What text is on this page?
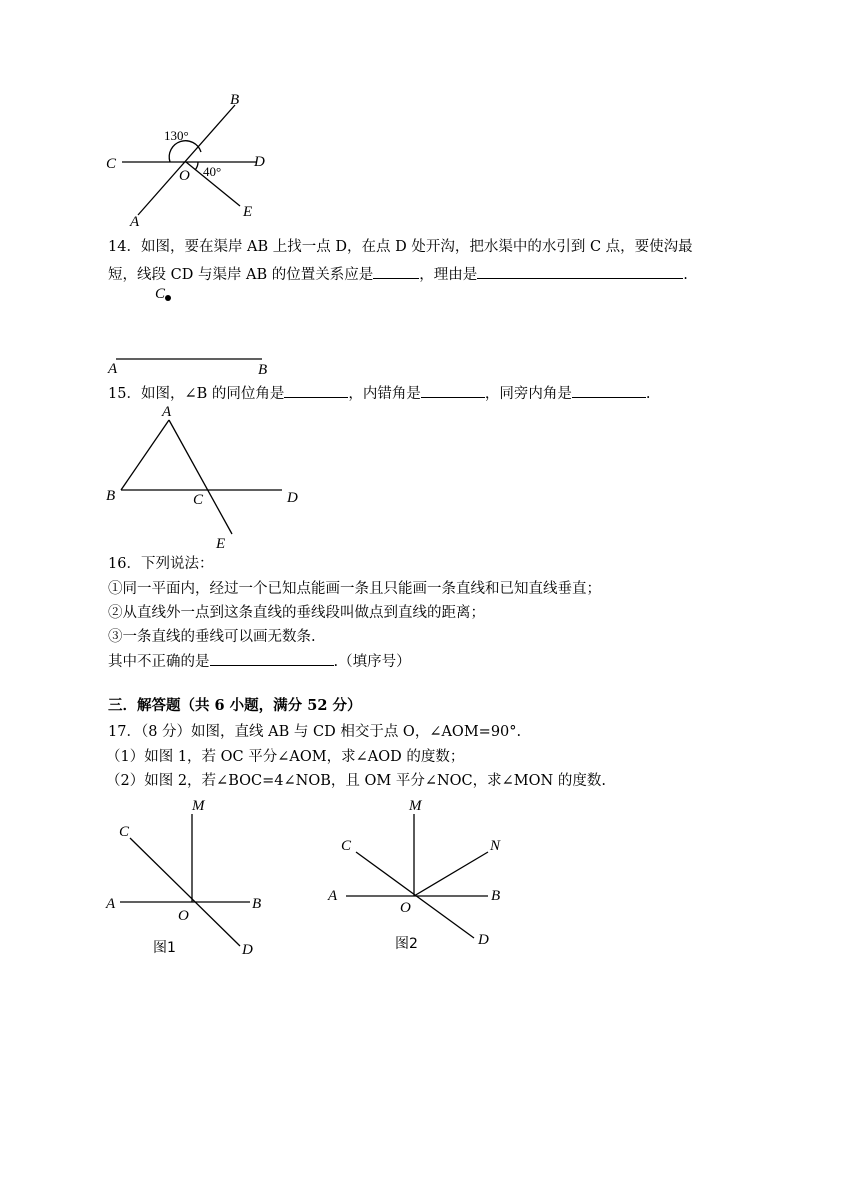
B
C	D
O
A
E
130°
40°

14．如图，要在渠岸 AB 上找一点 D，在点 D 处开沟，把水渠中的水引到 C 点，要使沟最

短，线段 CD 与渠岸 AB 的位置关系应是	，理由是	.

C
A	B

15．如图，∠B 的同位角是	，内错角是	，同旁内角是	.

A
B	C	D
E

16．下列说法：

①同一平面内，经过一个已知点能画一条且只能画一条直线和已知直线垂直；

②从直线外一点到这条直线的垂线段叫做点到直线的距离；

③一条直线的垂线可以画无数条.

其中不正确的是	.（填序号）

三．解答题（共 6 小题，满分 52 分）

17．（8 分）如图，直线 AB 与 CD 相交于点 O，∠AOM=90°.

（1）如图 1，若 OC 平分∠AOM，求∠AOD 的度数；

（2）如图 2，若∠BOC=4∠NOB，且 OM 平分∠NOC，求∠MON 的度数.

M
C
A
O
B
D
图1
M
C	N
A
O
B
D
图2
